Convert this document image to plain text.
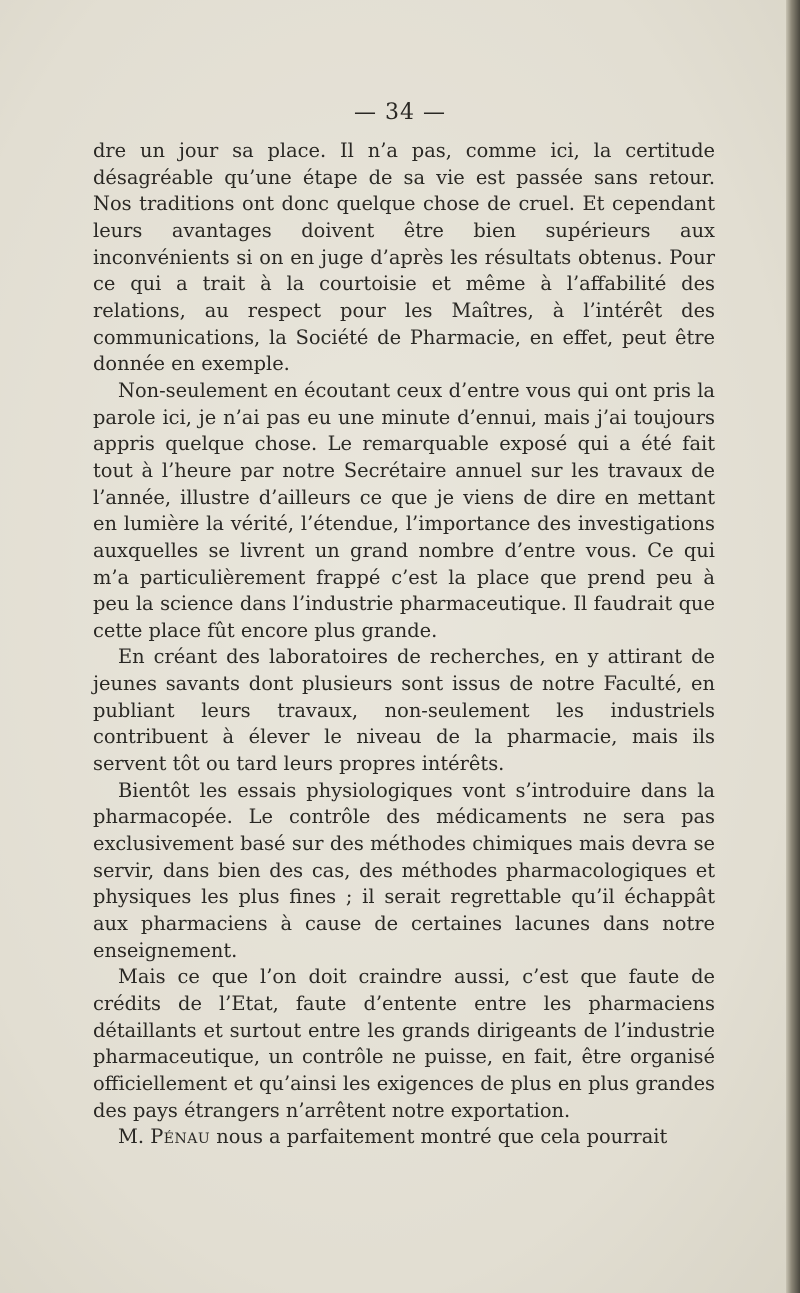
— 34 —

dre un jour sa place. Il n’a pas, comme ici, la certitude désagréable qu’une étape de sa vie est passée sans retour. Nos traditions ont donc quelque chose de cruel. Et cependant leurs avantages doivent être bien supérieurs aux inconvénients si on en juge d’après les résultats obtenus. Pour ce qui a trait à la courtoisie et même à l’affabilité des relations, au respect pour les Maîtres, à l’intérêt des communications, la Société de Pharmacie, en effet, peut être donnée en exemple.

Non-seulement en écoutant ceux d’entre vous qui ont pris la parole ici, je n’ai pas eu une minute d’ennui, mais j’ai toujours appris quelque chose. Le remarquable exposé qui a été fait tout à l’heure par notre Secrétaire annuel sur les travaux de l’année, illustre d’ailleurs ce que je viens de dire en mettant en lumière la vérité, l’étendue, l’importance des investigations auxquelles se livrent un grand nombre d’entre vous. Ce qui m’a particulièrement frappé c’est la place que prend peu à peu la science dans l’industrie pharmaceutique. Il faudrait que cette place fût encore plus grande.

En créant des laboratoires de recherches, en y attirant de jeunes savants dont plusieurs sont issus de notre Faculté, en publiant leurs travaux, non-seulement les industriels contribuent à élever le niveau de la pharmacie, mais ils servent tôt ou tard leurs propres intérêts.

Bientôt les essais physiologiques vont s’introduire dans la pharmacopée. Le contrôle des médicaments ne sera pas exclusivement basé sur des méthodes chimiques mais devra se servir, dans bien des cas, des méthodes pharmacologiques et physiques les plus fines ; il serait regrettable qu’il échappât aux pharmaciens à cause de certaines lacunes dans notre enseignement.

Mais ce que l’on doit craindre aussi, c’est que faute de crédits de l’Etat, faute d’entente entre les pharmaciens détaillants et surtout entre les grands dirigeants de l’industrie pharmaceutique, un contrôle ne puisse, en fait, être organisé officiellement et qu’ainsi les exigences de plus en plus grandes des pays étrangers n’arrêtent notre exportation.

M. Pénau nous a parfaitement montré que cela pourrait
